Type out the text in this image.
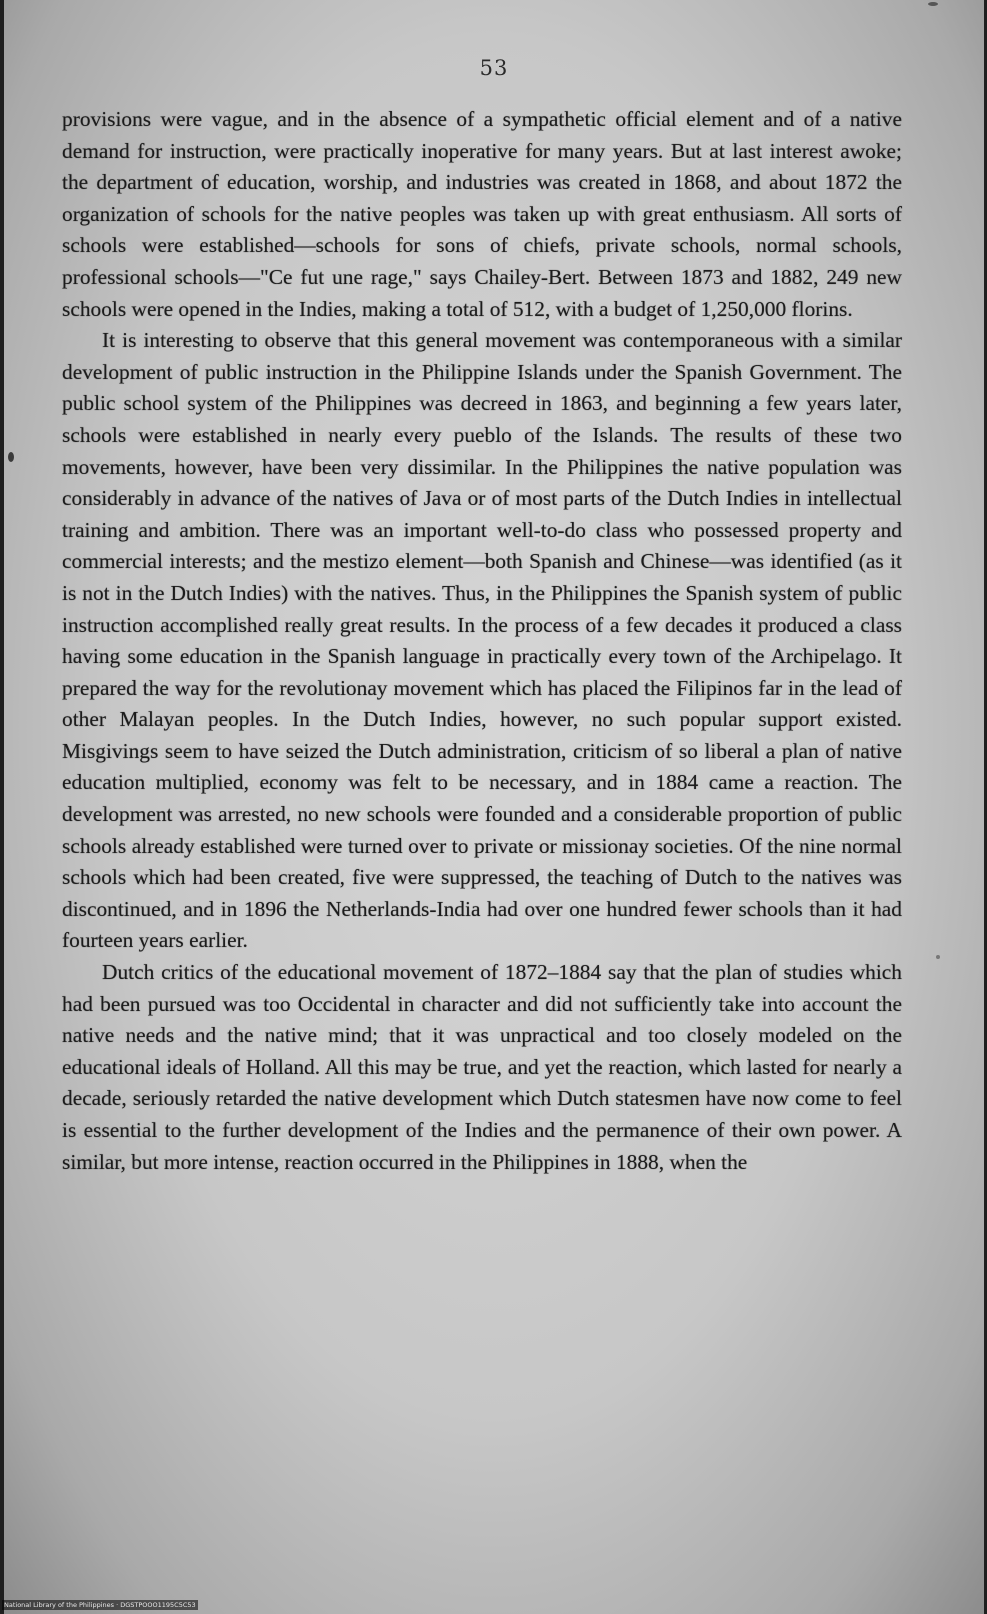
53

provisions were vague, and in the absence of a sympathetic official element and of a native demand for instruction, were practically inoperative for many years. But at last interest awoke; the department of education, worship, and industries was created in 1868, and about 1872 the organization of schools for the native peoples was taken up with great enthusiasm. All sorts of schools were established—schools for sons of chiefs, private schools, normal schools, professional schools—"Ce fut une rage," says Chailey-Bert. Between 1873 and 1882, 249 new schools were opened in the Indies, making a total of 512, with a budget of 1,250,000 florins.

It is interesting to observe that this general movement was contemporaneous with a similar development of public instruction in the Philippine Islands under the Spanish Government. The public school system of the Philippines was decreed in 1863, and beginning a few years later, schools were established in nearly every pueblo of the Islands. The results of these two movements, however, have been very dissimilar. In the Philippines the native population was considerably in advance of the natives of Java or of most parts of the Dutch Indies in intellectual training and ambition. There was an important well-to-do class who possessed property and commercial interests; and the mestizo element—both Spanish and Chinese—was identified (as it is not in the Dutch Indies) with the natives. Thus, in the Philippines the Spanish system of public instruction accomplished really great results. In the process of a few decades it produced a class having some education in the Spanish language in practically every town of the Archipelago. It prepared the way for the revolutionay movement which has placed the Filipinos far in the lead of other Malayan peoples. In the Dutch Indies, however, no such popular support existed. Misgivings seem to have seized the Dutch administration, criticism of so liberal a plan of native education multiplied, economy was felt to be necessary, and in 1884 came a reaction. The development was arrested, no new schools were founded and a considerable proportion of public schools already established were turned over to private or missionay societies. Of the nine normal schools which had been created, five were suppressed, the teaching of Dutch to the natives was discontinued, and in 1896 the Netherlands-India had over one hundred fewer schools than it had fourteen years earlier.

Dutch critics of the educational movement of 1872–1884 say that the plan of studies which had been pursued was too Occidental in character and did not sufficiently take into account the native needs and the native mind; that it was unpractical and too closely modeled on the educational ideals of Holland. All this may be true, and yet the reaction, which lasted for nearly a decade, seriously retarded the native development which Dutch statesmen have now come to feel is essential to the further development of the Indies and the permanence of their own power. A similar, but more intense, reaction occurred in the Philippines in 1888, when the

National Library of the Philippines · DGSTPOOO1195C5C53
